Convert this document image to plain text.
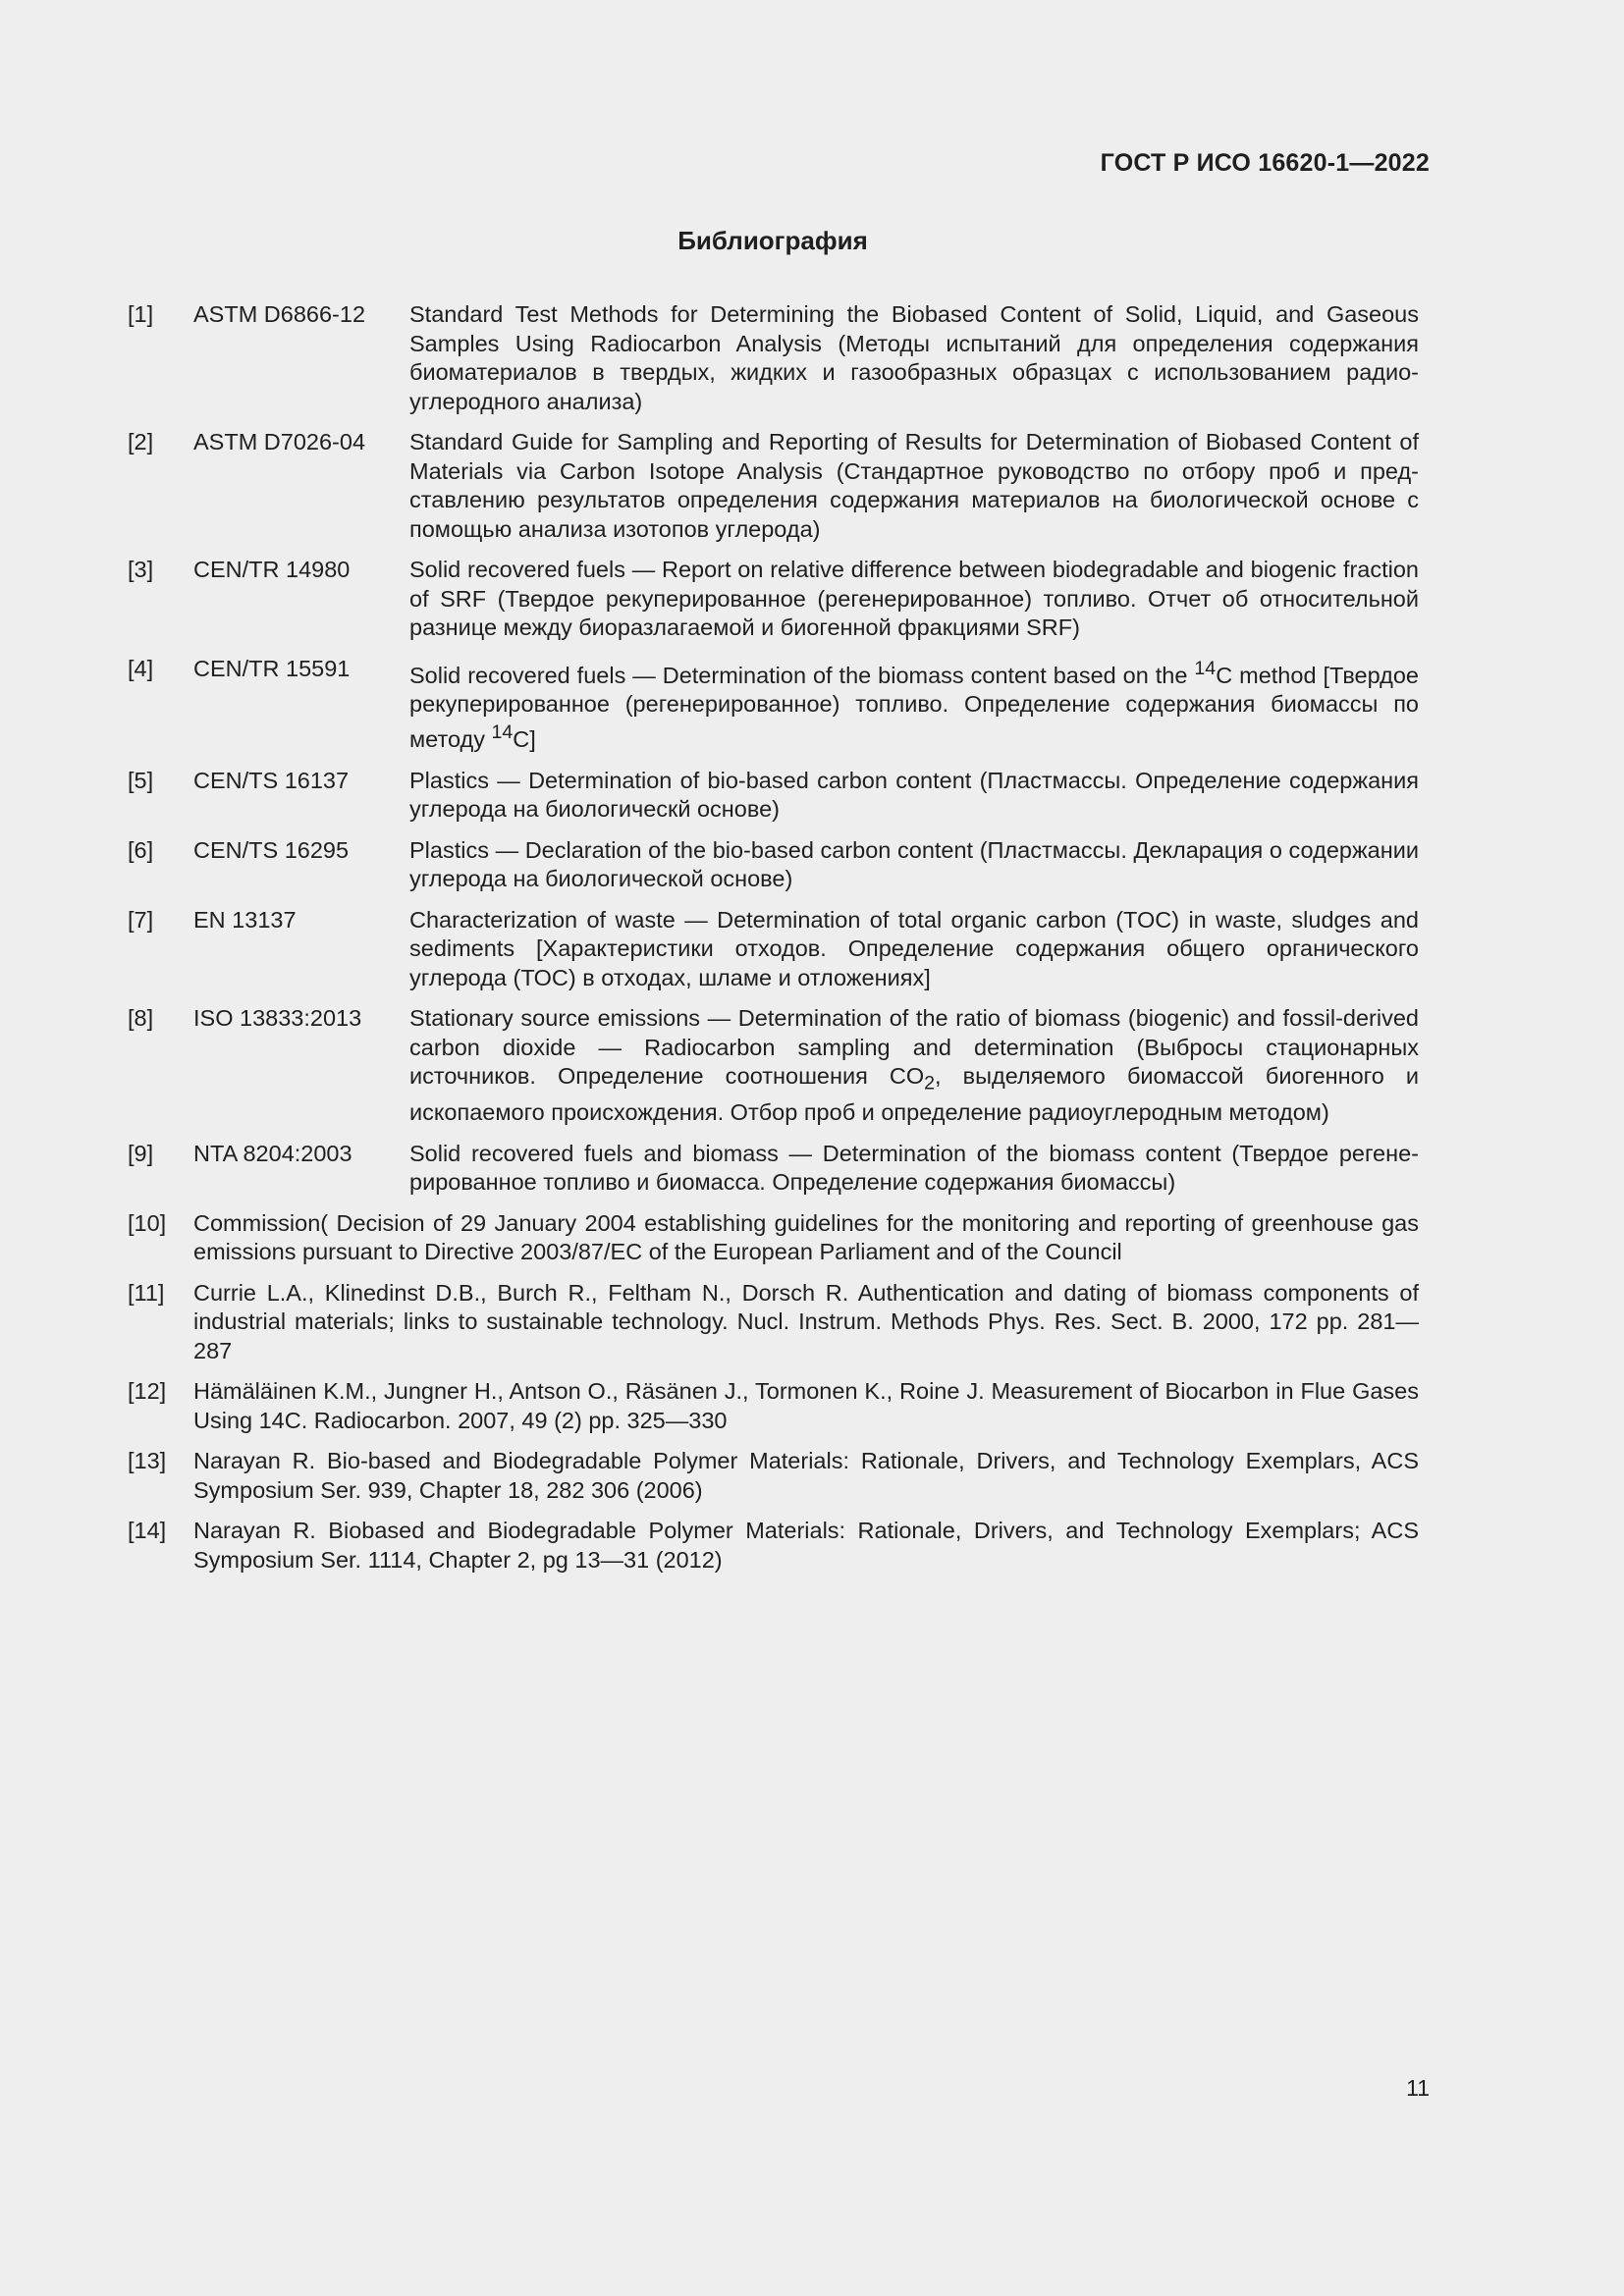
ГОСТ Р ИСО 16620-1—2022
Библиография
[1]	ASTM D6866-12	Standard Test Methods for Determining the Biobased Content of Solid, Liquid, and Gaseous Samples Using Radiocarbon Analysis (Методы испытаний для определения содержания биоматериалов в твердых, жидких и газообразных образцах с использованием радиоуглеродного анализа)
[2]	ASTM D7026-04	Standard Guide for Sampling and Reporting of Results for Determination of Biobased Content of Materials via Carbon Isotope Analysis (Стандартное руководство по отбору проб и представлению результатов определения содержания материалов на биологической основе с помощью анализа изотопов углерода)
[3]	CEN/TR 14980	Solid recovered fuels — Report on relative difference between biodegradable and biogenic fraction of SRF (Твердое рекуперированное (регенерированное) топливо. Отчет об относительной разнице между биоразлагаемой и биогенной фракциями SRF)
[4]	CEN/TR 15591	Solid recovered fuels — Determination of the biomass content based on the $^{14}$C method [Твердое рекуперированное (регенерированное) топливо. Определение содержания биомассы по методу $^{14}$C]
[5]	CEN/TS 16137	Plastics — Determination of bio-based carbon content (Пластмассы. Определение содержания углерода на биологическй основе)
[6]	CEN/TS 16295	Plastics — Declaration of the bio-based carbon content (Пластмассы. Декларация о содержании углерода на биологической основе)
[7]	EN 13137	Characterization of waste — Determination of total organic carbon (TOC) in waste, sludges and sediments [Характеристики отходов. Определение содержания общего органического углерода (ТОС) в отходах, шламе и отложениях]
[8]	ISO 13833:2013	Stationary source emissions — Determination of the ratio of biomass (biogenic) and fossil-derived carbon dioxide — Radiocarbon sampling and determination (Выбросы стационарных источников. Определение соотношения $CO_2$, выделяемого биомассой биогенного и ископаемого происхождения. Отбор проб и определение радиоуглеродным методом)
[9]	NTA 8204:2003	Solid recovered fuels and biomass — Determination of the biomass content (Твердое регенерированное топливо и биомасса. Определение содержания биомассы)
[10]	Commission( Decision of 29 January 2004 establishing guidelines for the monitoring and reporting of greenhouse gas emissions pursuant to Directive 2003/87/EC of the European Parliament and of the Council
[11]	Currie L.A., Klinedinst D.B., Burch R., Feltham N., Dorsch R. Authentication and dating of biomass components of industrial materials; links to sustainable technology. Nucl. Instrum. Methods Phys. Res. Sect. B. 2000, 172 pp. 281—287
[12]	Hämäläinen K.M., Jungner H., Antson O., Räsänen J., Tormonen K., Roine J. Measurement of Biocarbon in Flue Gases Using 14C. Radiocarbon. 2007, 49 (2) pp. 325—330
[13]	Narayan R. Bio-based and Biodegradable Polymer Materials: Rationale, Drivers, and Technology Exemplars, ACS Symposium Ser. 939, Chapter 18, 282 306 (2006)
[14]	Narayan R. Biobased and Biodegradable Polymer Materials: Rationale, Drivers, and Technology Exemplars; ACS Symposium Ser. 1114, Chapter 2, pg 13—31 (2012)
11
